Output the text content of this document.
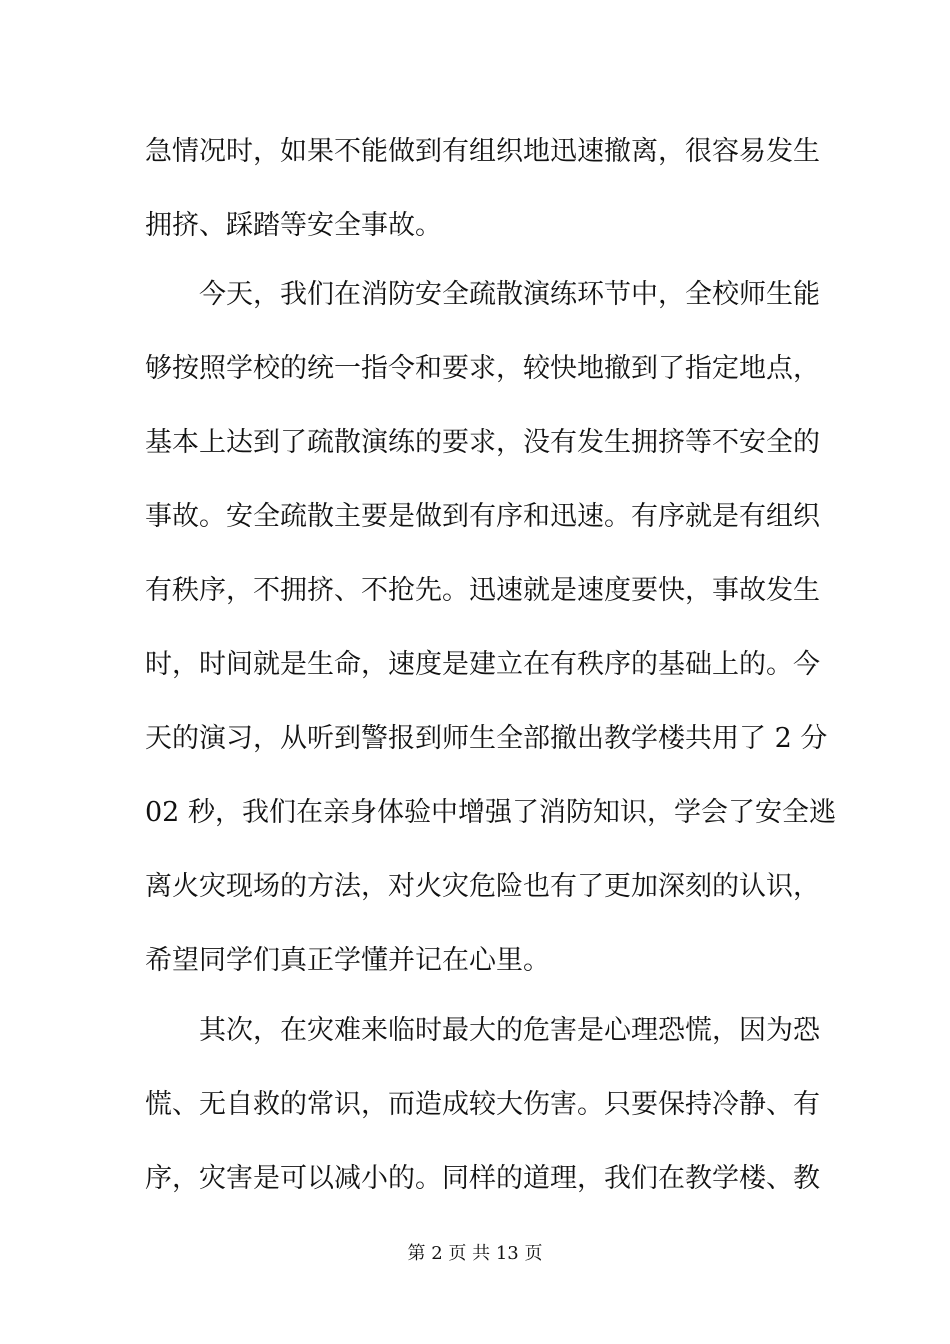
急情况时，如果不能做到有组织地迅速撤离，很容易发生
拥挤、踩踏等安全事故。
今天，我们在消防安全疏散演练环节中，全校师生能
够按照学校的统一指令和要求，较快地撤到了指定地点，
基本上达到了疏散演练的要求，没有发生拥挤等不安全的
事故。安全疏散主要是做到有序和迅速。有序就是有组织
有秩序，不拥挤、不抢先。迅速就是速度要快，事故发生
时，时间就是生命，速度是建立在有秩序的基础上的。今
天的演习，从听到警报到师生全部撤出教学楼共用了 2 分
02 秒，我们在亲身体验中增强了消防知识，学会了安全逃
离火灾现场的方法，对火灾危险也有了更加深刻的认识，
希望同学们真正学懂并记在心里。
其次，在灾难来临时最大的危害是心理恐慌，因为恐
慌、无自救的常识，而造成较大伤害。只要保持冷静、有
序，灾害是可以减小的。同样的道理，我们在教学楼、教
第 2 页 共 13 页
